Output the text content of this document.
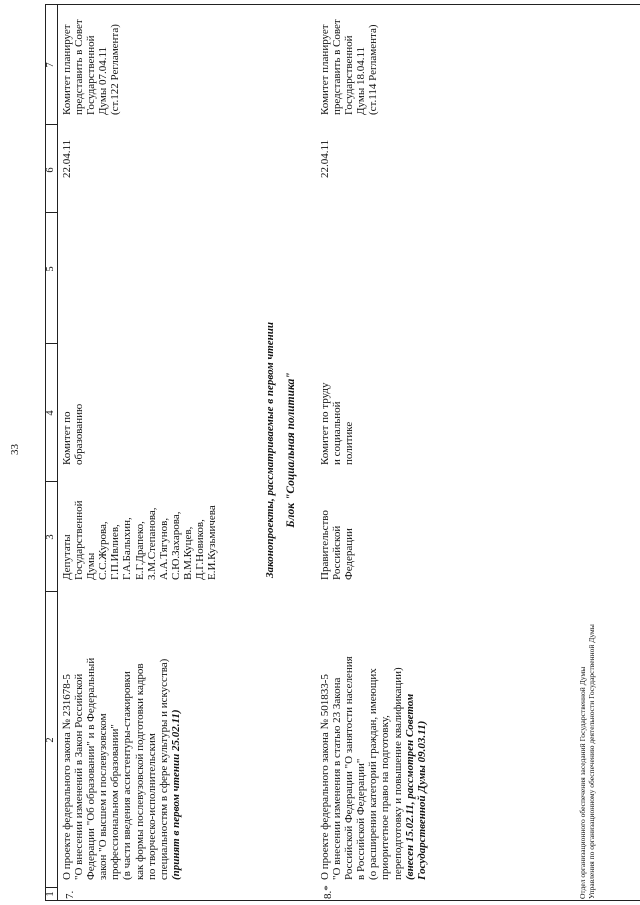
33
1
2
3
4
5
6
7
7.
О проекте федерального закона № 231678-5 "О внесении изменений в Закон Российской Федерации "Об образовании" и в Федеральный закон "О высшем и послевузовском профессиональном образовании" (в части введения ассистентуры-стажировки как формы послевузовской подготовки кадров по творческо-исполнительским специальностям в сфере культуры и искусства) (принят в первом чтении 25.02.11)
Депутаты Государственной Думы С.С.Журова, Г.П.Ивлиев, Г.А.Балыхин, Е.Г.Драпеко, З.М.Степанова, А.А.Тягунов, С.Ю.Захарова, В.М.Куцев, Д.Г.Новиков, Е.И.Кузьмичева
Комитет по образованию
22.04.11
Комитет планирует представить в Совет Государственной Думы 07.04.11 (ст.122 Регламента)
Законопроекты, рассматриваемые в первом чтении Блок "Социальная политика"
8.*
О проекте федерального закона № 501833-5 "О внесении изменения в статью 23 Закона Российской Федерации "О занятости населения в Российской Федерации" (о расширении категорий граждан, имеющих приоритетное право на подготовку, переподготовку и повышение квалификации) (внесен 15.02.11, рассмотрен Советом Государственной Думы 09.03.11)
Правительство Российской Федерации
Комитет по труду и социальной политике
22.04.11
Комитет планирует представить в Совет Государственной Думы 18.04.11 (ст.114 Регламента)
Отдел организационного обеспечения заседаний Государственной Думы Управления по организационному обеспечению деятельности Государственной Думы
